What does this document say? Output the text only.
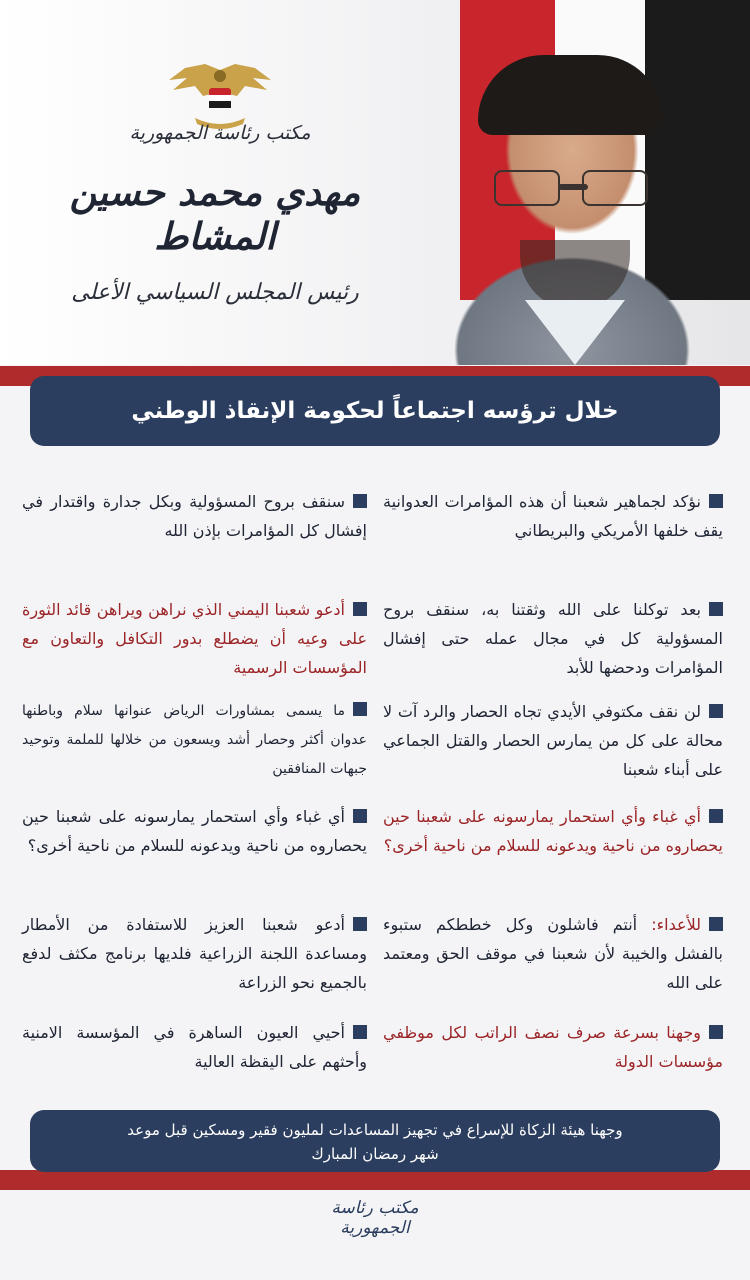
مكتب رئاسة الجمهورية
مهدي محمد حسين المشاط
رئيس المجلس السياسي الأعلى
خلال ترؤسه اجتماعاً لحكومة الإنقاذ الوطني
نؤكد لجماهير شعبنا أن هذه المؤامرات العدوانية يقف خلفها الأمريكي والبريطاني
بعد توكلنا على الله وثقتنا به، سنقف بروح المسؤولية كل في مجال عمله حتى إفشال المؤامرات ودحضها للأبد
لن نقف مكتوفي الأيدي تجاه الحصار والرد آت لا محالة على كل من يمارس الحصار والقتل الجماعي على أبناء شعبنا
أي غباء وأي استحمار يمارسونه على شعبنا حين يحصاروه من ناحية ويدعونه للسلام من ناحية أخرى؟
للأعداء: أنتم فاشلون وكل خططكم ستبوء بالفشل والخيبة لأن شعبنا في موقف الحق ومعتمد على الله
وجهنا بسرعة صرف نصف الراتب لكل موظفي مؤسسات الدولة
سنقف بروح المسؤولية وبكل جدارة واقتدار في إفشال كل المؤامرات بإذن الله
أدعو شعبنا اليمني الذي نراهن ويراهن قائد الثورة على وعيه أن يضطلع بدور التكافل والتعاون مع المؤسسات الرسمية
ما يسمى بمشاورات الرياض عنوانها سلام وباطنها عدوان أكثر وحصار أشد ويسعون من خلالها للملمة وتوحيد جبهات المنافقين
أي غباء وأي استحمار يمارسونه على شعبنا حين يحصاروه من ناحية ويدعونه للسلام من ناحية أخرى؟
أدعو شعبنا العزيز للاستفادة من الأمطار ومساعدة اللجنة الزراعية فلديها برنامج مكثف لدفع بالجميع نحو الزراعة
أحيي العيون الساهرة في المؤسسة الامنية وأحثهم على اليقظة العالية
وجهنا هيئة الزكاة للإسراع في تجهيز المساعدات لمليون فقير ومسكين قبل موعد
شهر رمضان المبارك
مكتب رئاسة الجمهورية
